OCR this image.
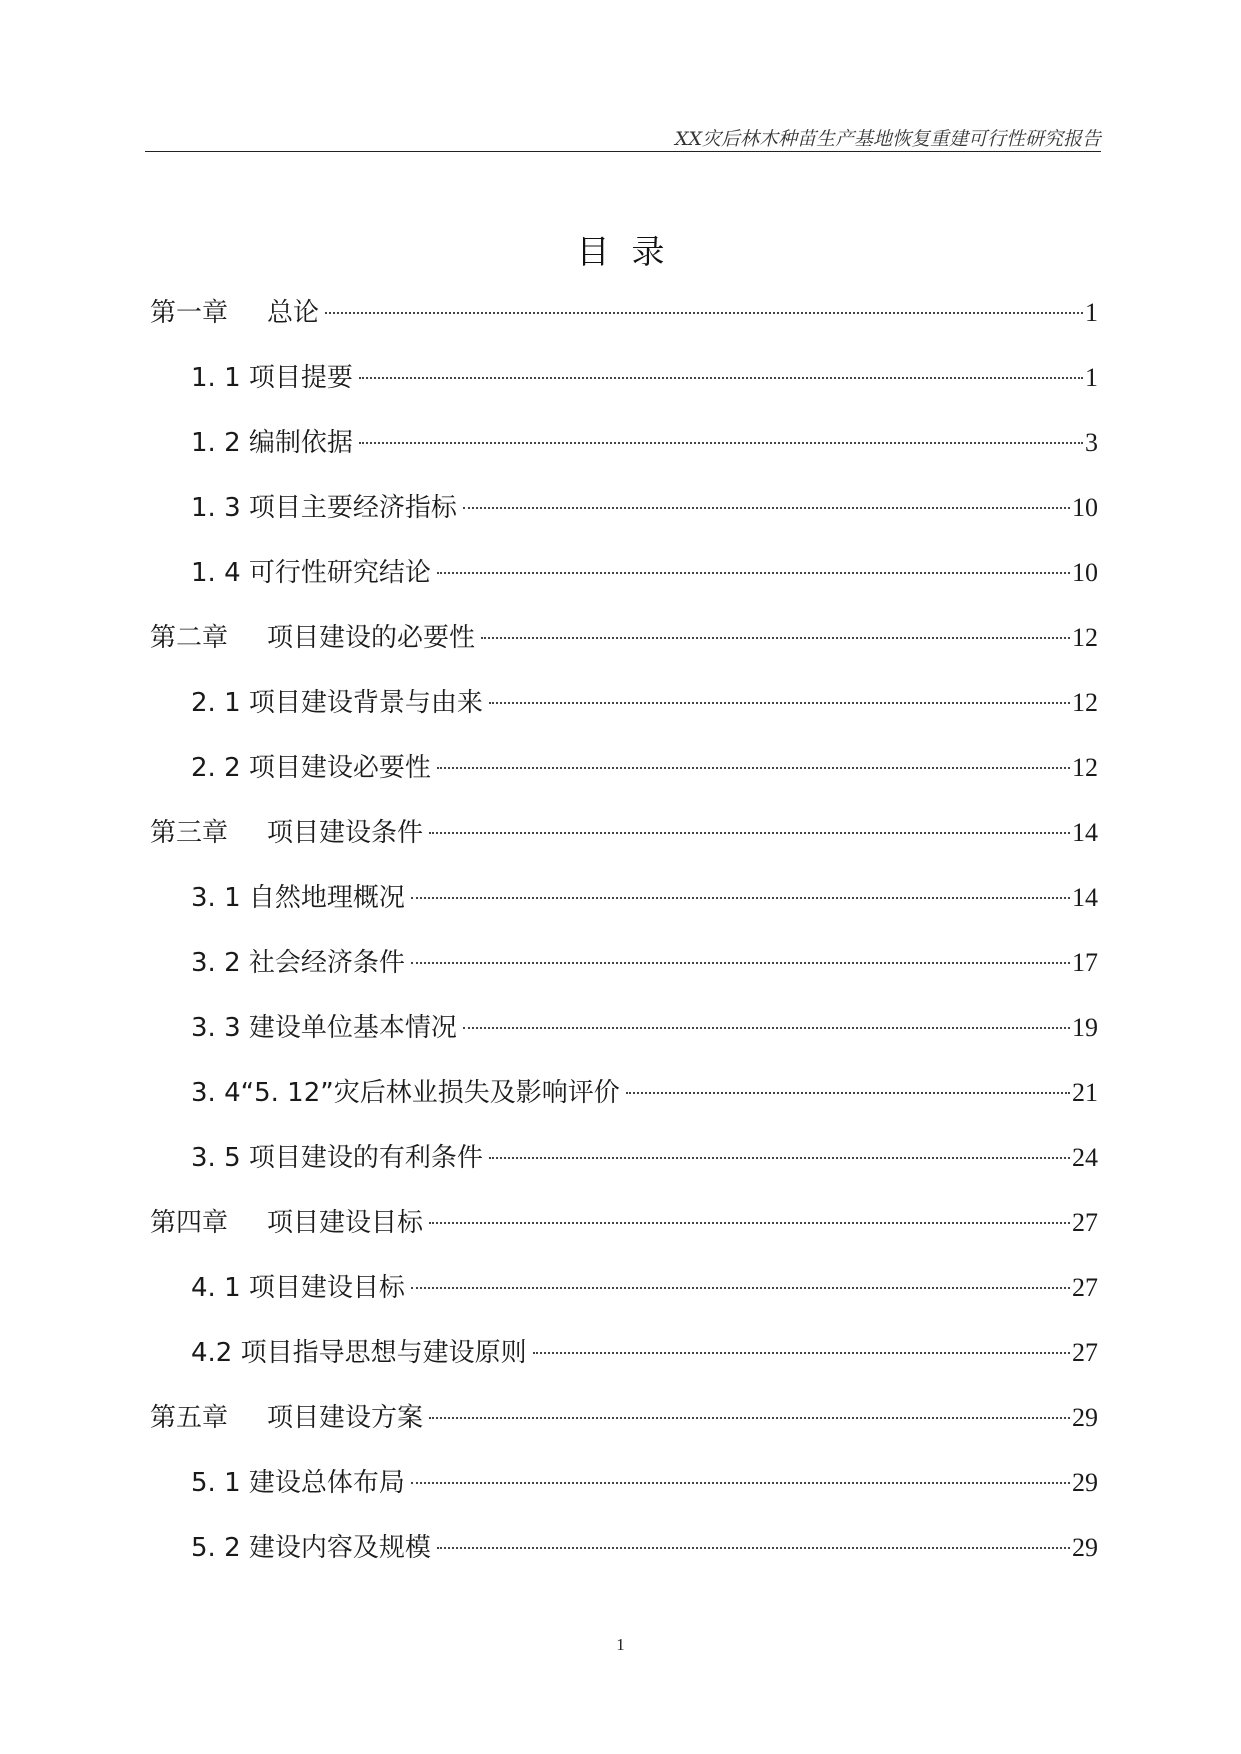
XX灾后林木种苗生产基地恢复重建可行性研究报告
目录
第一章 总论	1
1. 1 项目提要	1
1. 2 编制依据	3
1. 3 项目主要经济指标	10
1. 4 可行性研究结论	10
第二章 项目建设的必要性	12
2. 1 项目建设背景与由来	12
2. 2 项目建设必要性	12
第三章 项目建设条件	14
3. 1 自然地理概况	14
3. 2 社会经济条件	17
3. 3 建设单位基本情况	19
3. 4“5. 12”灾后林业损失及影响评价	21
3. 5 项目建设的有利条件	24
第四章 项目建设目标	27
4. 1 项目建设目标	27
4.2 项目指导思想与建设原则	27
第五章 项目建设方案	29
5. 1 建设总体布局	29
5. 2 建设内容及规模	29
1
